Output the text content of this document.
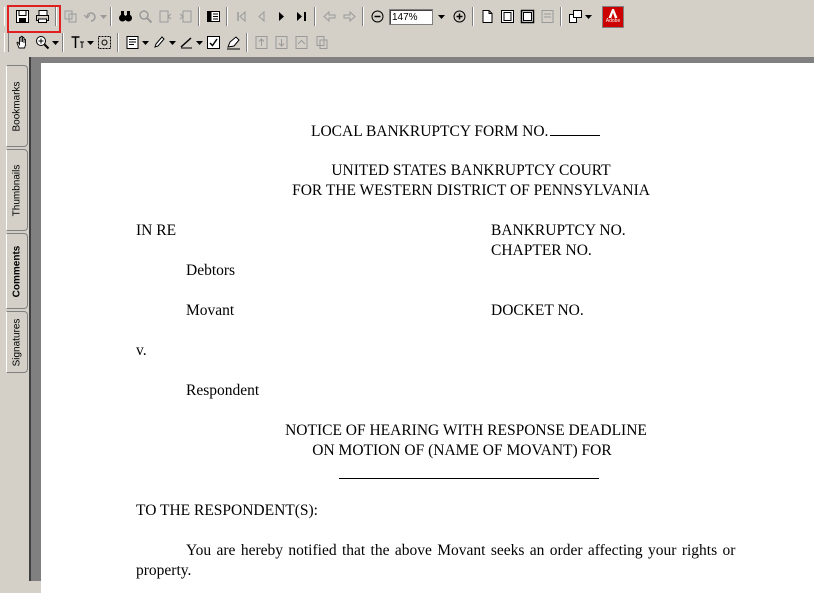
147%	Adobe
Bookmarks
Thumbnails
Comments
Signatures
LOCAL BANKRUPTCY FORM NO.
UNITED STATES BANKRUPTCY COURT
FOR THE WESTERN DISTRICT OF PENNSYLVANIA
IN RE	BANKRUPTCY NO.
CHAPTER NO.
Debtors
Movant	DOCKET NO.
v.
Respondent
NOTICE OF HEARING WITH RESPONSE DEADLINE
ON MOTION OF (NAME OF MOVANT) FOR
TO THE RESPONDENT(S):
You are hereby notified that the above Movant seeks an order affecting your rights or
property.
